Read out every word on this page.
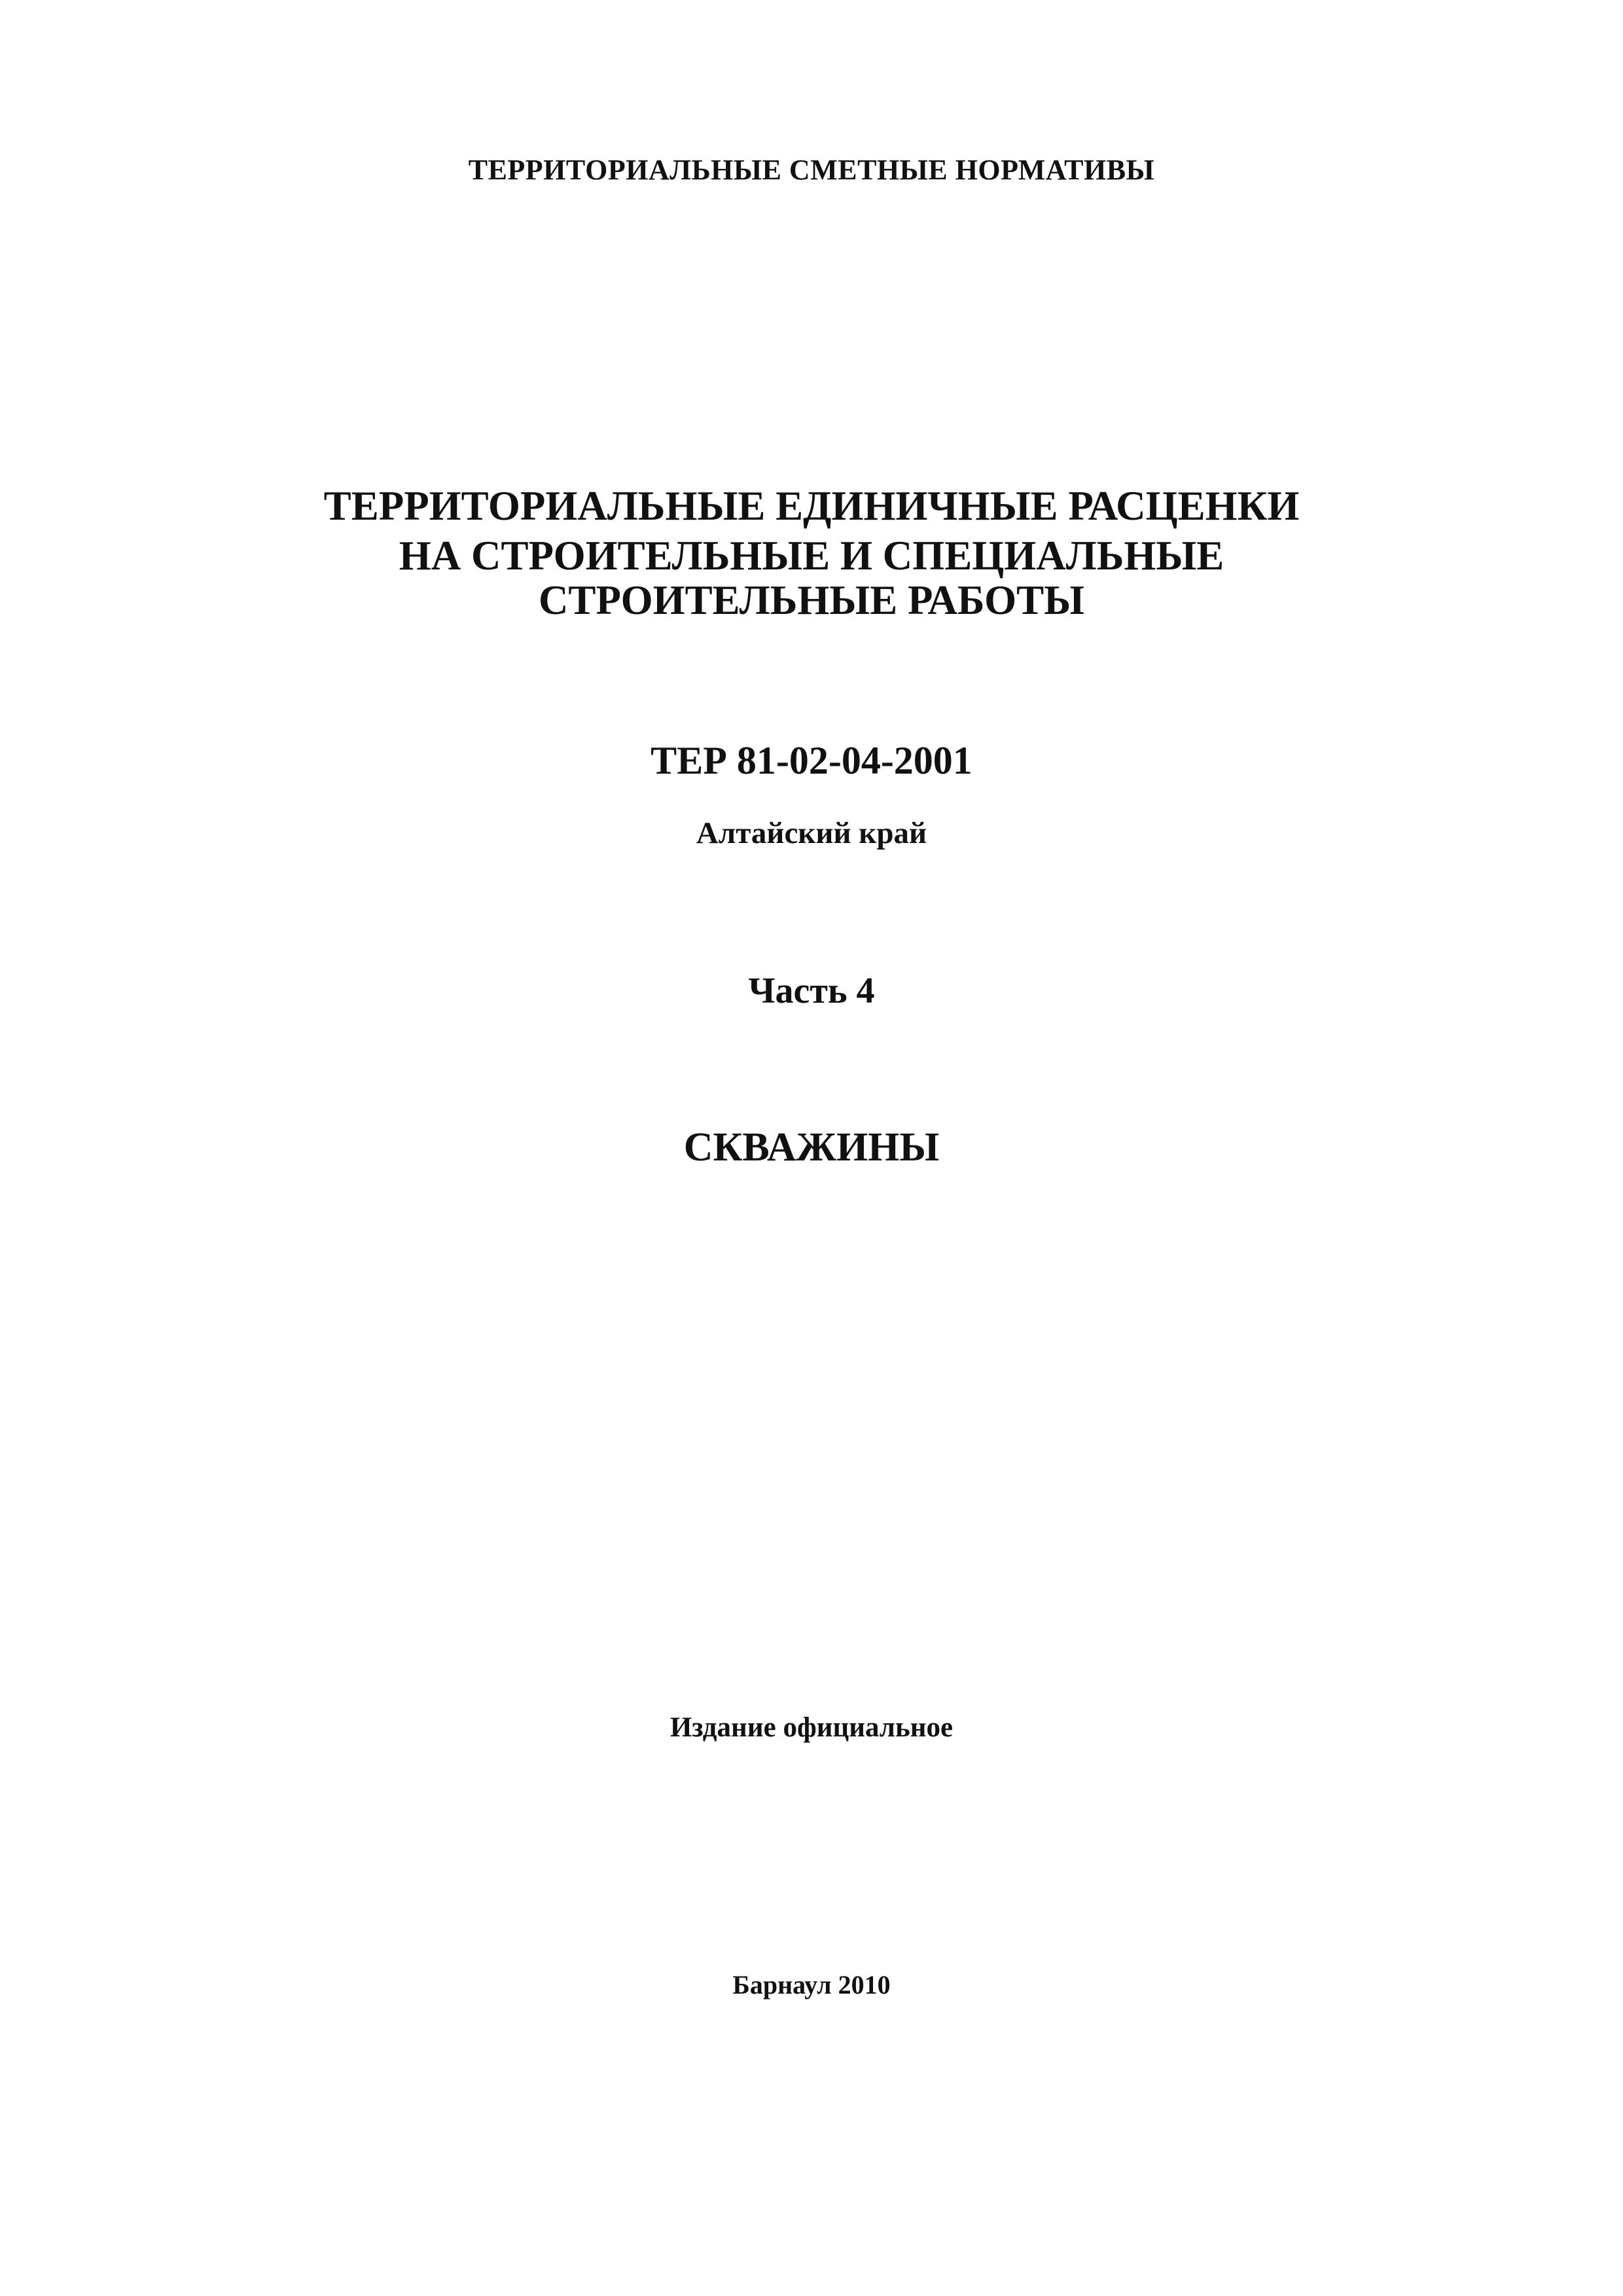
ТЕРРИТОРИАЛЬНЫЕ СМЕТНЫЕ НОРМАТИВЫ
ТЕРРИТОРИАЛЬНЫЕ ЕДИНИЧНЫЕ РАСЦЕНКИ
НА СТРОИТЕЛЬНЫЕ И СПЕЦИАЛЬНЫЕ
СТРОИТЕЛЬНЫЕ РАБОТЫ
ТЕР 81-02-04-2001
Алтайский край
Часть 4
СКВАЖИНЫ
Издание официальное
Барнаул 2010
